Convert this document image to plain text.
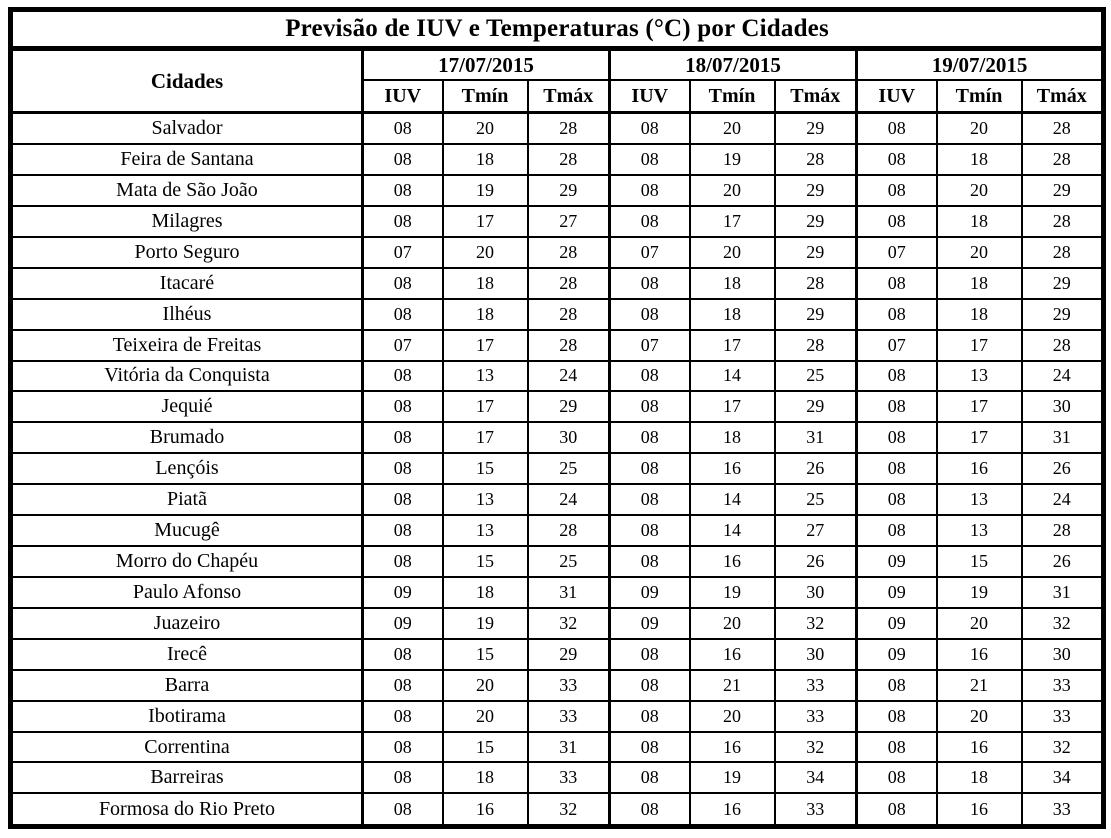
Previsão de IUV e Temperaturas (°C) por Cidades									
Cidades	17/07/2015			18/07/2015			19/07/2015		
	IUV	Tmín	Tmáx	IUV	Tmín	Tmáx	IUV	Tmín	Tmáx
Salvador	08	20	28	08	20	29	08	20	28
Feira de Santana	08	18	28	08	19	28	08	18	28
Mata de São João	08	19	29	08	20	29	08	20	29
Milagres	08	17	27	08	17	29	08	18	28
Porto Seguro	07	20	28	07	20	29	07	20	28
Itacaré	08	18	28	08	18	28	08	18	29
Ilhéus	08	18	28	08	18	29	08	18	29
Teixeira de Freitas	07	17	28	07	17	28	07	17	28
Vitória da Conquista	08	13	24	08	14	25	08	13	24
Jequié	08	17	29	08	17	29	08	17	30
Brumado	08	17	30	08	18	31	08	17	31
Lençóis	08	15	25	08	16	26	08	16	26
Piatã	08	13	24	08	14	25	08	13	24
Mucugê	08	13	28	08	14	27	08	13	28
Morro do Chapéu	08	15	25	08	16	26	09	15	26
Paulo Afonso	09	18	31	09	19	30	09	19	31
Juazeiro	09	19	32	09	20	32	09	20	32
Irecê	08	15	29	08	16	30	09	16	30
Barra	08	20	33	08	21	33	08	21	33
Ibotirama	08	20	33	08	20	33	08	20	33
Correntina	08	15	31	08	16	32	08	16	32
Barreiras	08	18	33	08	19	34	08	18	34
Formosa do Rio Preto	08	16	32	08	16	33	08	16	33
